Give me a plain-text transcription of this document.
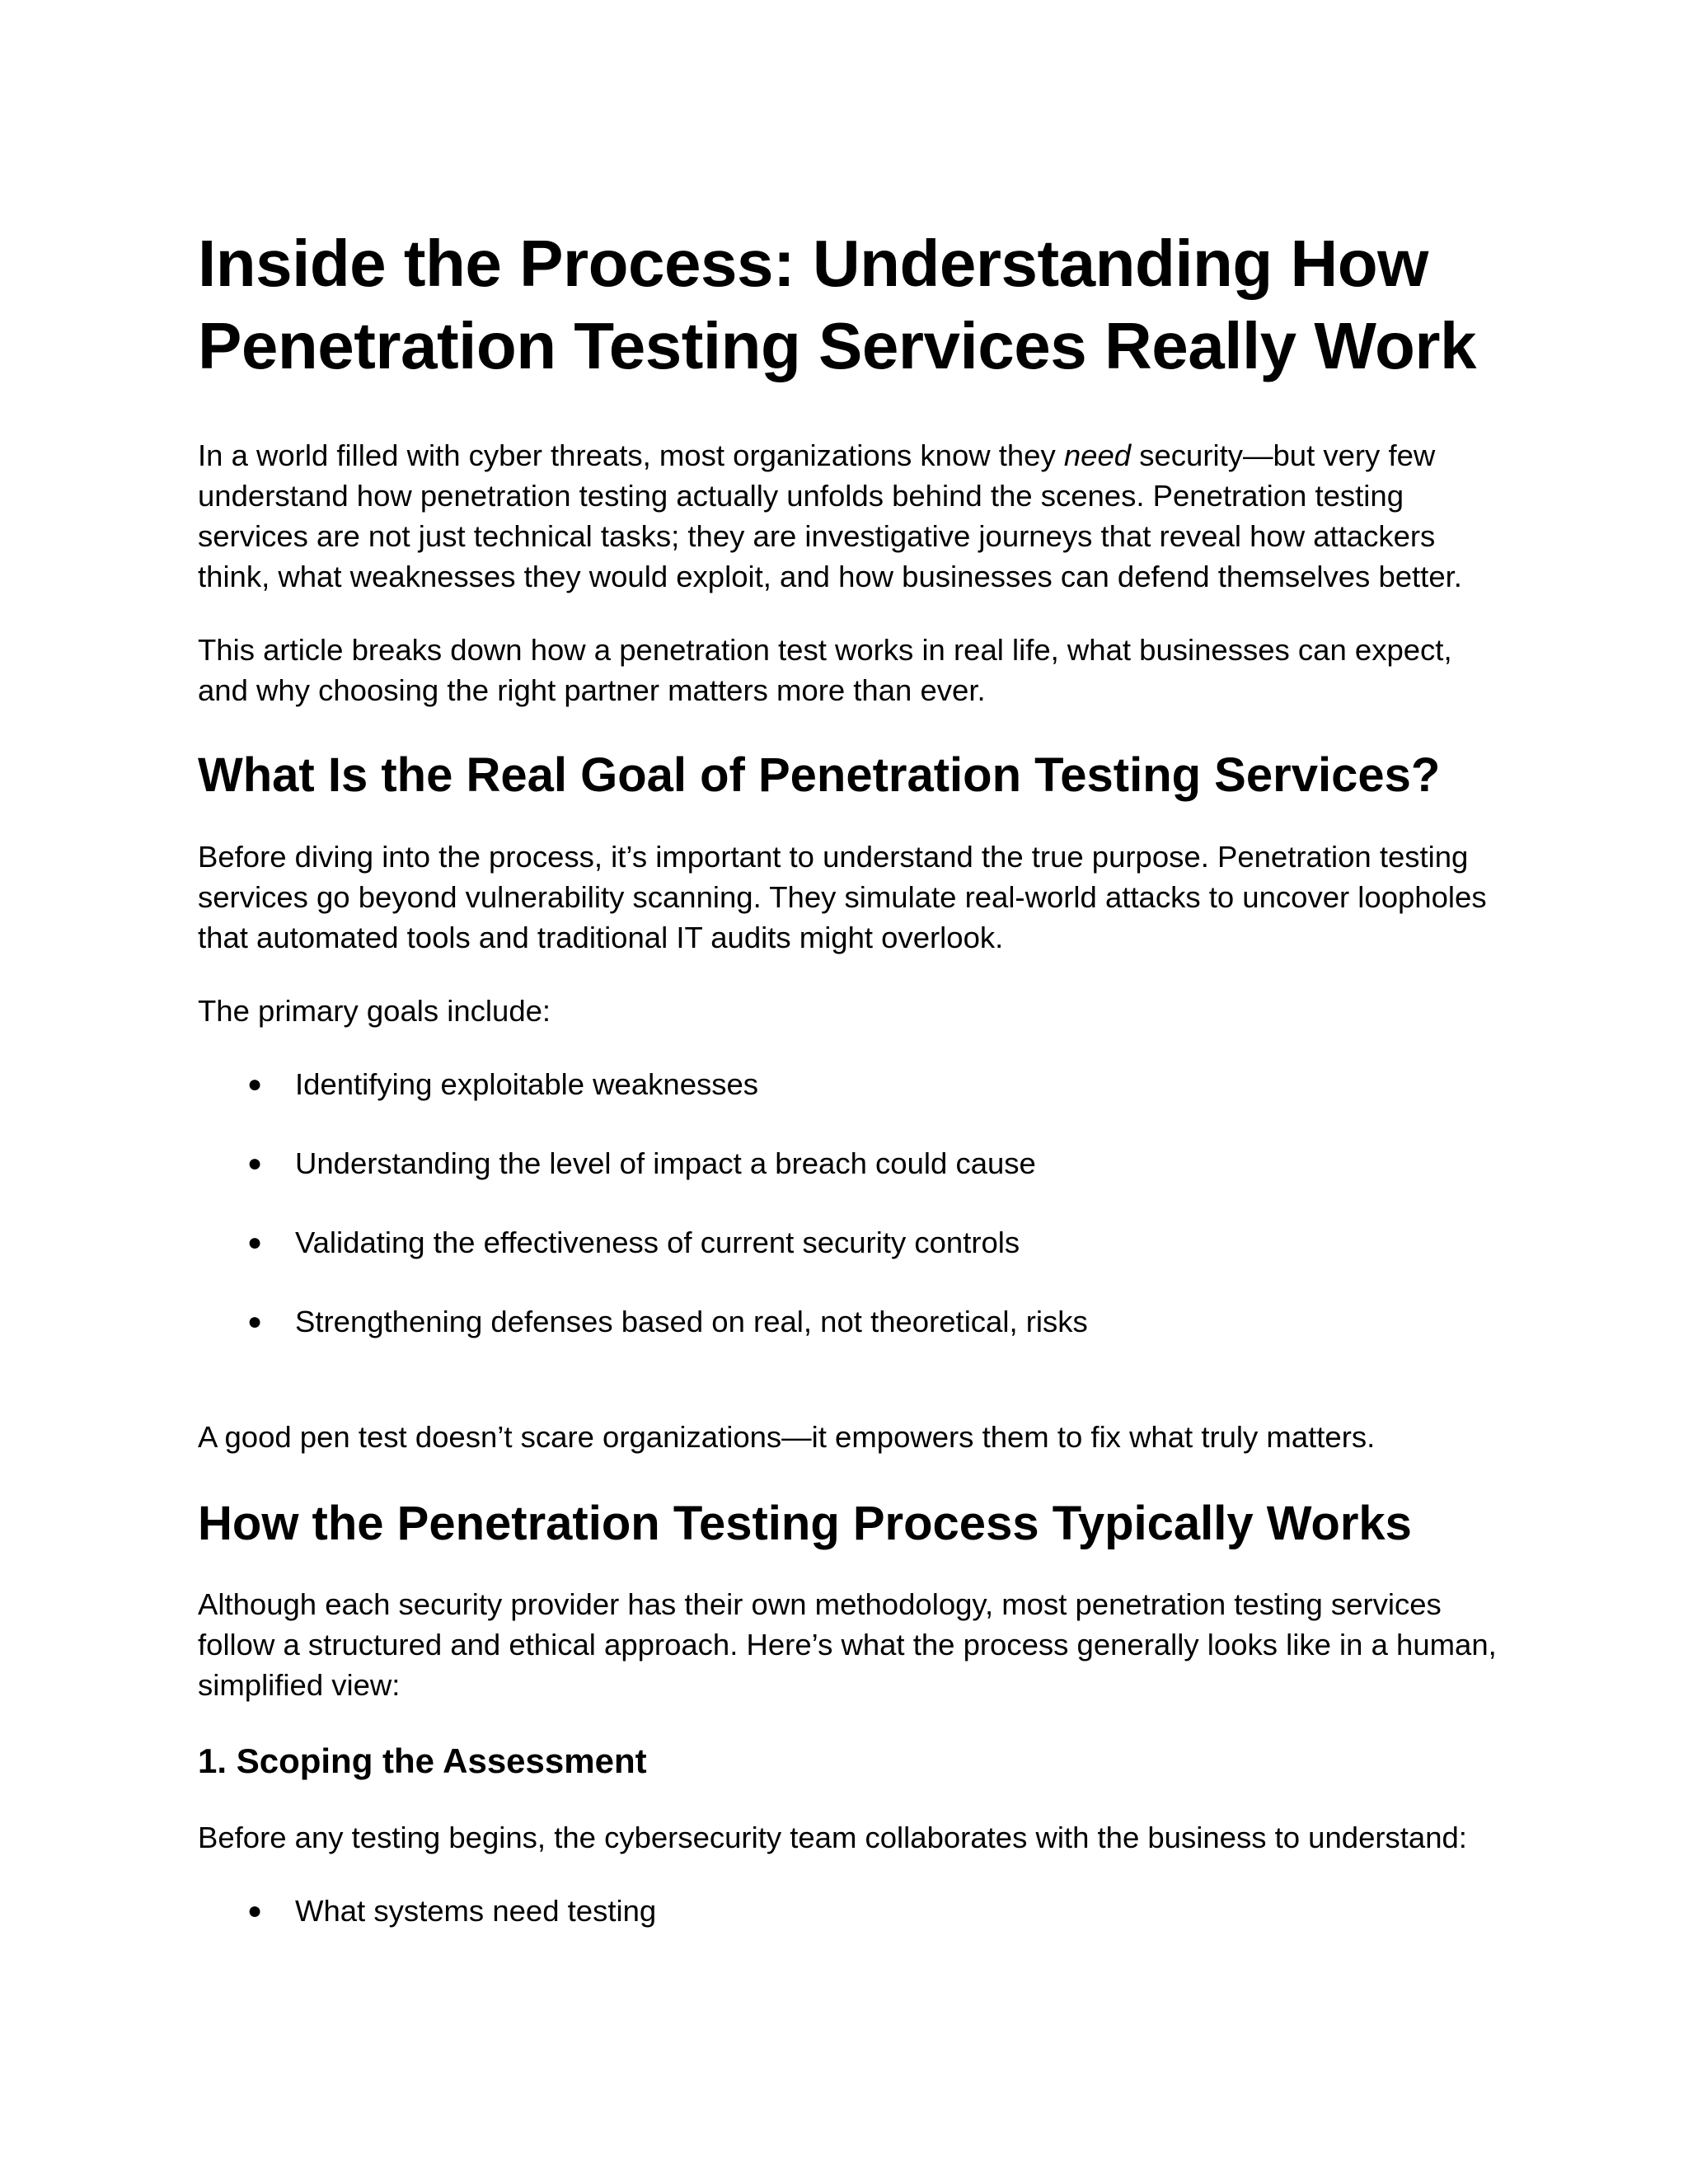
Inside the Process: Understanding How Penetration Testing Services Really Work

In a world filled with cyber threats, most organizations know they need security—but very few understand how penetration testing actually unfolds behind the scenes. Penetration testing services are not just technical tasks; they are investigative journeys that reveal how attackers think, what weaknesses they would exploit, and how businesses can defend themselves better.

This article breaks down how a penetration test works in real life, what businesses can expect, and why choosing the right partner matters more than ever.

What Is the Real Goal of Penetration Testing Services?

Before diving into the process, it’s important to understand the true purpose. Penetration testing services go beyond vulnerability scanning. They simulate real-world attacks to uncover loopholes that automated tools and traditional IT audits might overlook.

The primary goals include:

● Identifying exploitable weaknesses
● Understanding the level of impact a breach could cause
● Validating the effectiveness of current security controls
● Strengthening defenses based on real, not theoretical, risks

A good pen test doesn’t scare organizations—it empowers them to fix what truly matters.

How the Penetration Testing Process Typically Works

Although each security provider has their own methodology, most penetration testing services follow a structured and ethical approach. Here’s what the process generally looks like in a human, simplified view:

1. Scoping the Assessment

Before any testing begins, the cybersecurity team collaborates with the business to understand:

● What systems need testing
